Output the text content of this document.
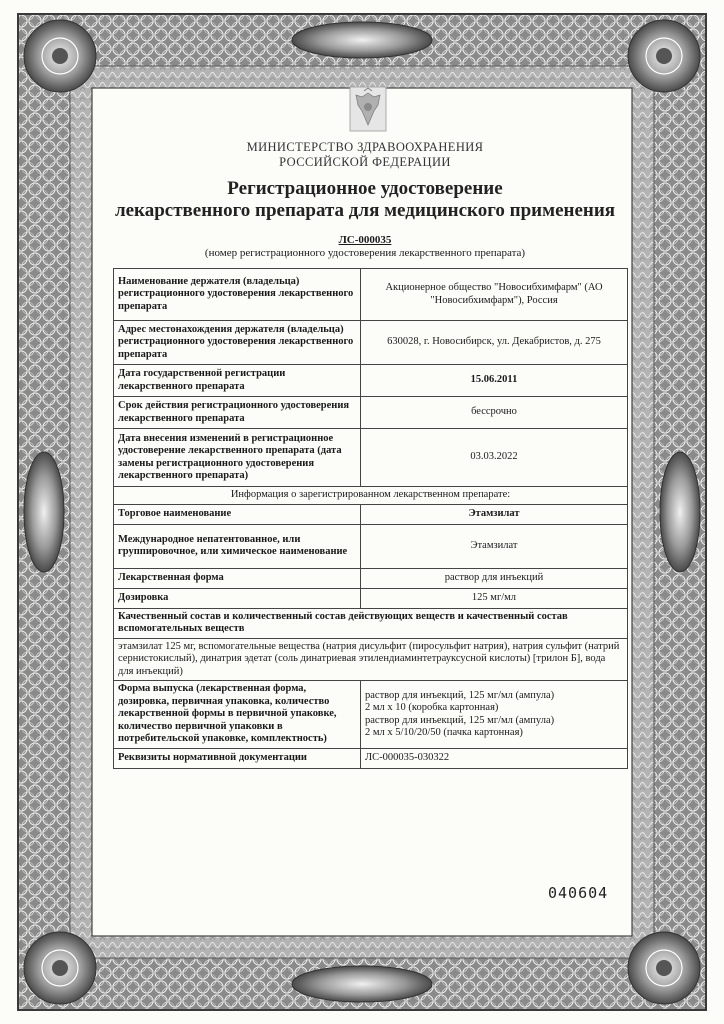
МИНИСТЕРСТВО ЗДРАВООХРАНЕНИЯ
РОССИЙСКОЙ ФЕДЕРАЦИИ
Регистрационное удостоверение
лекарственного препарата для медицинского применения
ЛС-000035
(номер регистрационного удостоверения лекарственного препарата)
Наименование держателя (владельца) регистрационного удостоверения лекарственного препарата	Акционерное общество "Новосибхимфарм" (АО "Новосибхимфарм"), Россия
Адрес местонахождения держателя (владельца) регистрационного удостоверения лекарственного препарата	630028, г. Новосибирск, ул. Декабристов, д. 275
Дата государственной регистрации лекарственного препарата	15.06.2011
Срок действия регистрационного удостоверения лекарственного препарата	бессрочно
Дата внесения изменений в регистрационное удостоверение лекарственного препарата (дата замены регистрационного удостоверения лекарственного препарата)	03.03.2022
Информация о зарегистрированном лекарственном препарате:	
Торговое наименование	Этамзилат
Международное непатентованное, или группировочное, или химическое наименование	Этамзилат
Лекарственная форма	раствор для инъекций
Дозировка	125 мг/мл
Качественный состав и количественный состав действующих веществ и качественный состав вспомогательных веществ	
этамзилат 125 мг, вспомогательные вещества (натрия дисульфит (пиросульфит натрия), натрия сульфит (натрий сернистокислый), динатрия эдетат (соль динатриевая этилендиаминтетрауксусной кислоты) [трилон Б], вода для инъекций)	
Форма выпуска (лекарственная форма, дозировка, первичная упаковка, количество лекарственной формы в первичной упаковке, количество первичной упаковки в потребительской упаковке, комплектность)	раствор для инъекций, 125 мг/мл (ампула)
2 мл х 10 (коробка картонная)
раствор для инъекций, 125 мг/мл (ампула)
2 мл х 5/10/20/50 (пачка картонная)

Реквизиты нормативной документации	ЛС-000035-030322
040604
